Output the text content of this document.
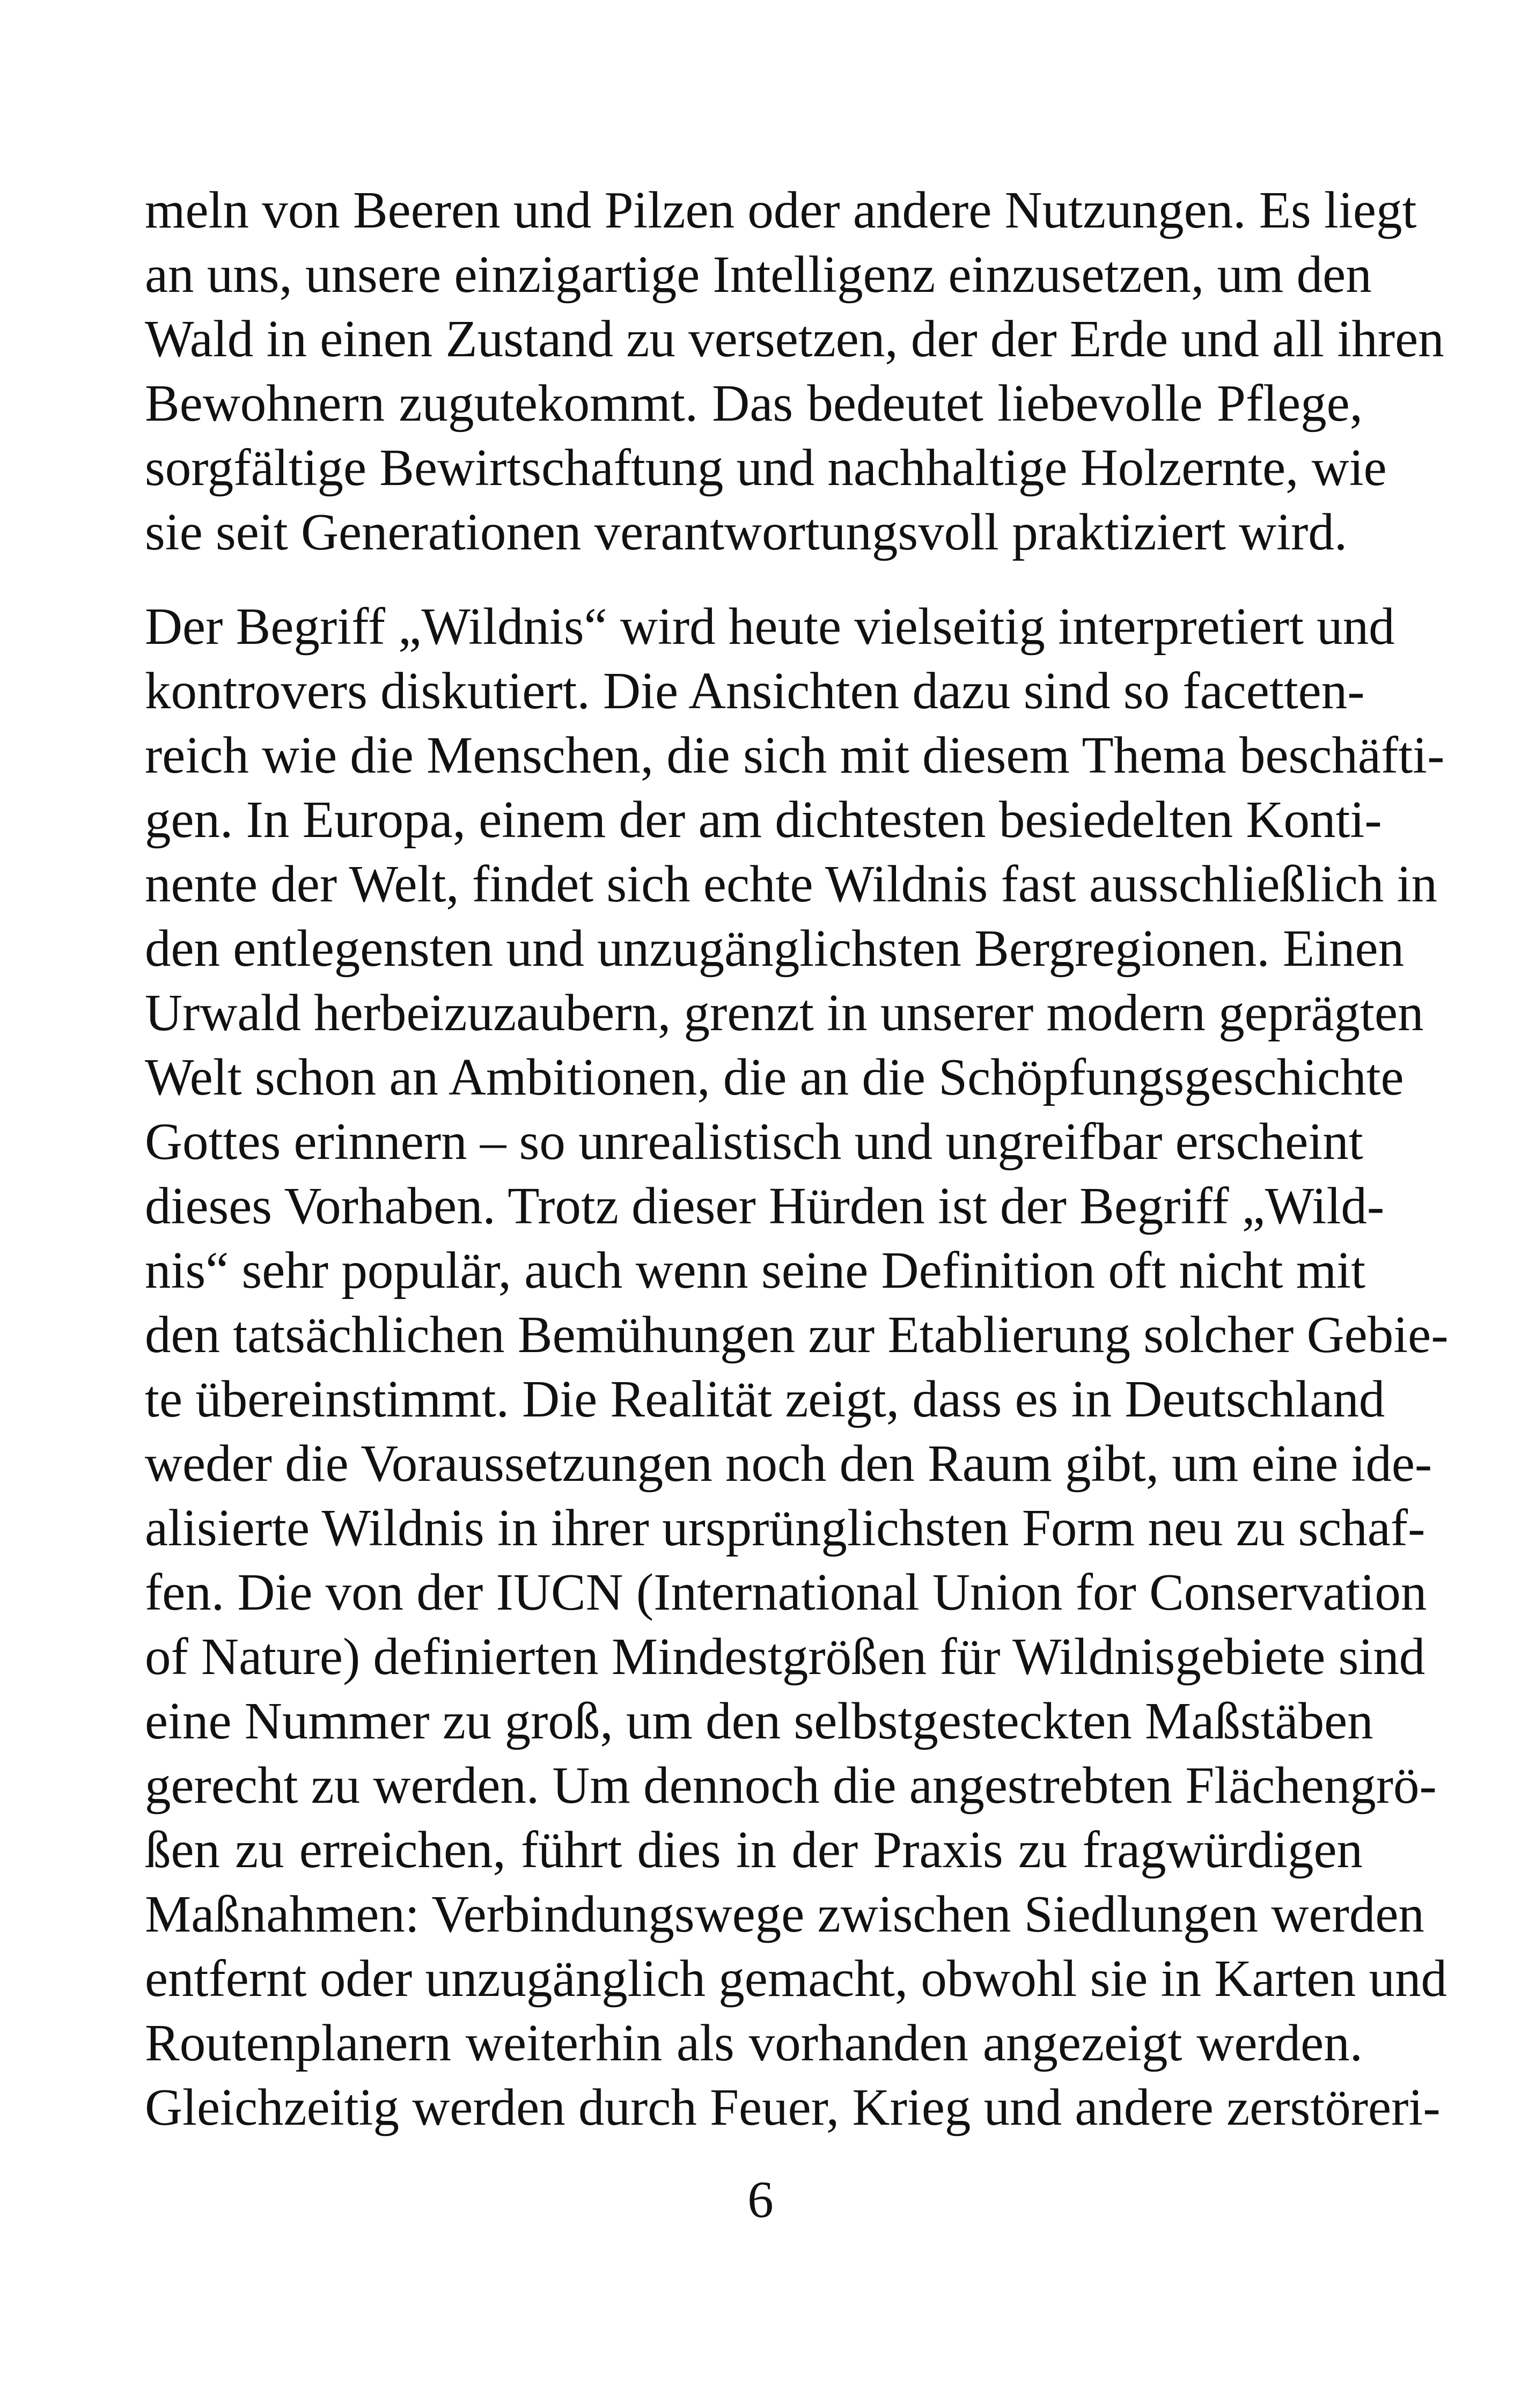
meln von Beeren und Pilzen oder andere Nutzungen. Es liegt
an uns, unsere einzigartige Intelligenz einzusetzen, um den
Wald in einen Zustand zu versetzen, der der Erde und all ihren
Bewohnern zugutekommt. Das bedeutet liebevolle Pflege,
sorgfältige Bewirtschaftung und nachhaltige Holzernte, wie
sie seit Generationen verantwortungsvoll praktiziert wird.
Der Begriff „Wildnis“ wird heute vielseitig interpretiert und
kontrovers diskutiert. Die Ansichten dazu sind so facetten-
reich wie die Menschen, die sich mit diesem Thema beschäfti-
gen. In Europa, einem der am dichtesten besiedelten Konti-
nente der Welt, findet sich echte Wildnis fast ausschließlich in
den entlegensten und unzugänglichsten Bergregionen. Einen
Urwald herbeizuzaubern, grenzt in unserer modern geprägten
Welt schon an Ambitionen, die an die Schöpfungsgeschichte
Gottes erinnern – so unrealistisch und ungreifbar erscheint
dieses Vorhaben. Trotz dieser Hürden ist der Begriff „Wild-
nis“ sehr populär, auch wenn seine Definition oft nicht mit
den tatsächlichen Bemühungen zur Etablierung solcher Gebie-
te übereinstimmt. Die Realität zeigt, dass es in Deutschland
weder die Voraussetzungen noch den Raum gibt, um eine ide-
alisierte Wildnis in ihrer ursprünglichsten Form neu zu schaf-
fen. Die von der IUCN (International Union for Conservation
of Nature) definierten Mindestgrößen für Wildnisgebiete sind
eine Nummer zu groß, um den selbstgesteckten Maßstäben
gerecht zu werden. Um dennoch die angestrebten Flächengrö-
ßen zu erreichen, führt dies in der Praxis zu fragwürdigen
Maßnahmen: Verbindungswege zwischen Siedlungen werden
entfernt oder unzugänglich gemacht, obwohl sie in Karten und
Routenplanern weiterhin als vorhanden angezeigt werden.
Gleichzeitig werden durch Feuer, Krieg und andere zerstöreri-
6
